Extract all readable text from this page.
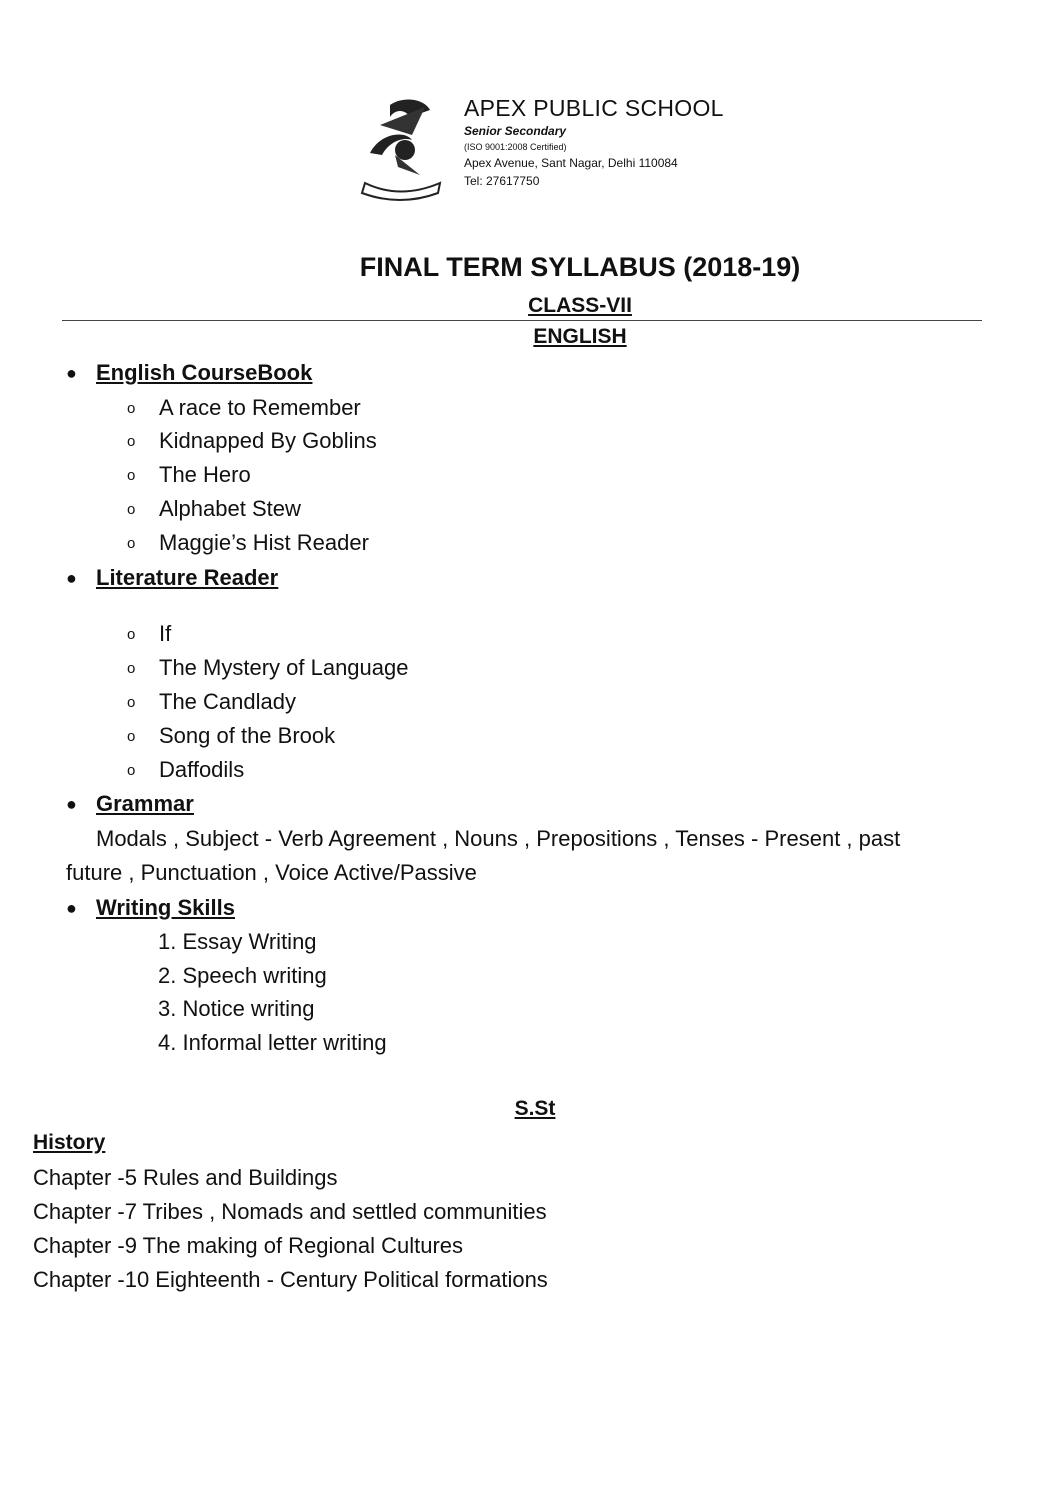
APEX PUBLIC SCHOOL
Senior Secondary
(ISO 9001:2008 Certified)
Apex Avenue, Sant Nagar, Delhi 110084
Tel: 27617750
FINAL TERM SYLLABUS (2018-19)
CLASS-VII
ENGLISH
● English CourseBook
o A race to Remember
o Kidnapped By Goblins
o The Hero
o Alphabet Stew
o Maggie’s Hist Reader
● Literature Reader
o If
o The Mystery of Language
o The Candlady
o Song of the Brook
o Daffodils
● Grammar
Modals , Subject - Verb Agreement , Nouns , Prepositions , Tenses - Present , past
future , Punctuation , Voice Active/Passive
● Writing Skills
1. Essay Writing
2. Speech writing
3. Notice writing
4. Informal letter writing
S.St
History
Chapter -5 Rules and Buildings
Chapter -7 Tribes , Nomads and settled communities
Chapter -9 The making of Regional Cultures
Chapter -10 Eighteenth - Century Political formations
